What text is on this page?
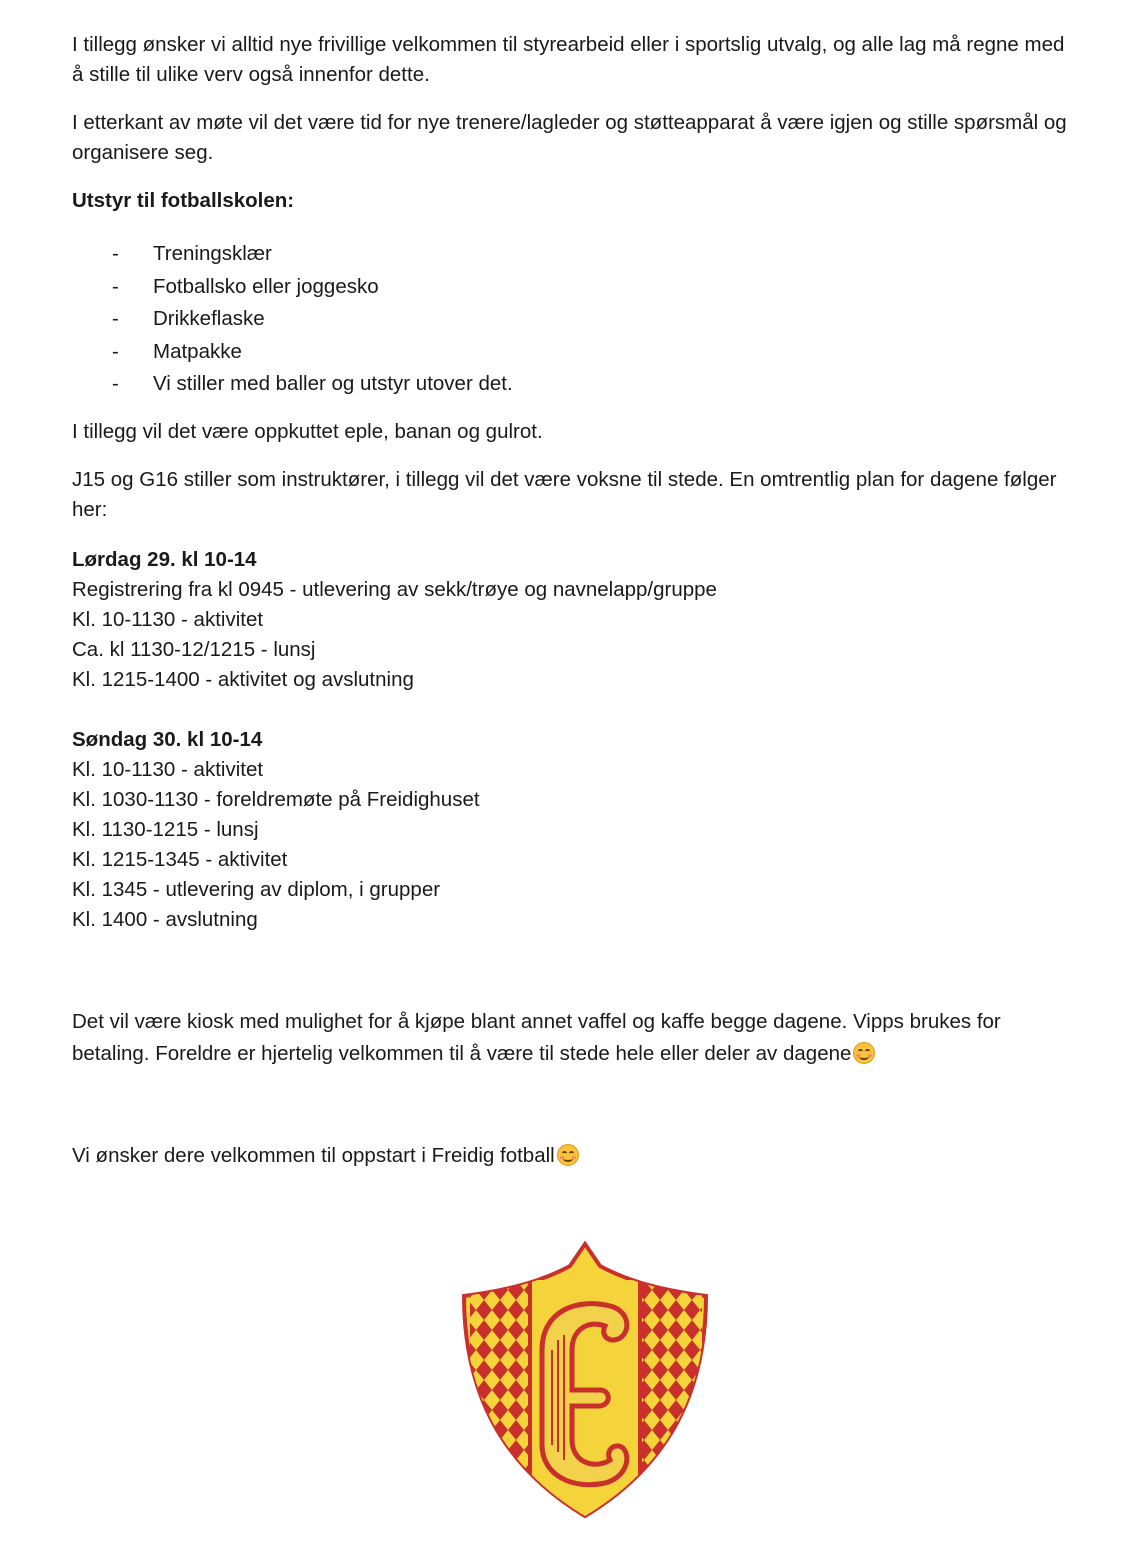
I tillegg ønsker vi alltid nye frivillige velkommen til styrearbeid eller i sportslig utvalg, og alle lag må regne med å stille til ulike verv også innenfor dette.

I etterkant av møte vil det være tid for nye trenere/lagleder og støtteapparat å være igjen og stille spørsmål og organisere seg.

Utstyr til fotballskolen:

- Treningsklær
- Fotballsko eller joggesko
- Drikkeflaske
- Matpakke
- Vi stiller med baller og utstyr utover det.

I tillegg vil det være oppkuttet eple, banan og gulrot.

J15 og G16 stiller som instruktører, i tillegg vil det være voksne til stede. En omtrentlig plan for dagene følger her:

Lørdag 29. kl 10-14

Registrering fra kl 0945 - utlevering av sekk/trøye og navnelapp/gruppe

Kl. 10-1130 - aktivitet

Ca. kl 1130-12/1215 - lunsj

Kl. 1215-1400 - aktivitet og avslutning

Søndag 30. kl 10-14

Kl. 10-1130 - aktivitet

Kl. 1030-1130 - foreldremøte på Freidighuset

Kl. 1130-1215 - lunsj

Kl. 1215-1345 - aktivitet

Kl. 1345 - utlevering av diplom, i grupper

Kl. 1400 - avslutning

Det vil være kiosk med mulighet for å kjøpe blant annet vaffel og kaffe begge dagene. Vipps brukes for betaling. Foreldre er hjertelig velkommen til å være til stede hele eller deler av dagene

Vi ønsker dere velkommen til oppstart i Freidig fotball
